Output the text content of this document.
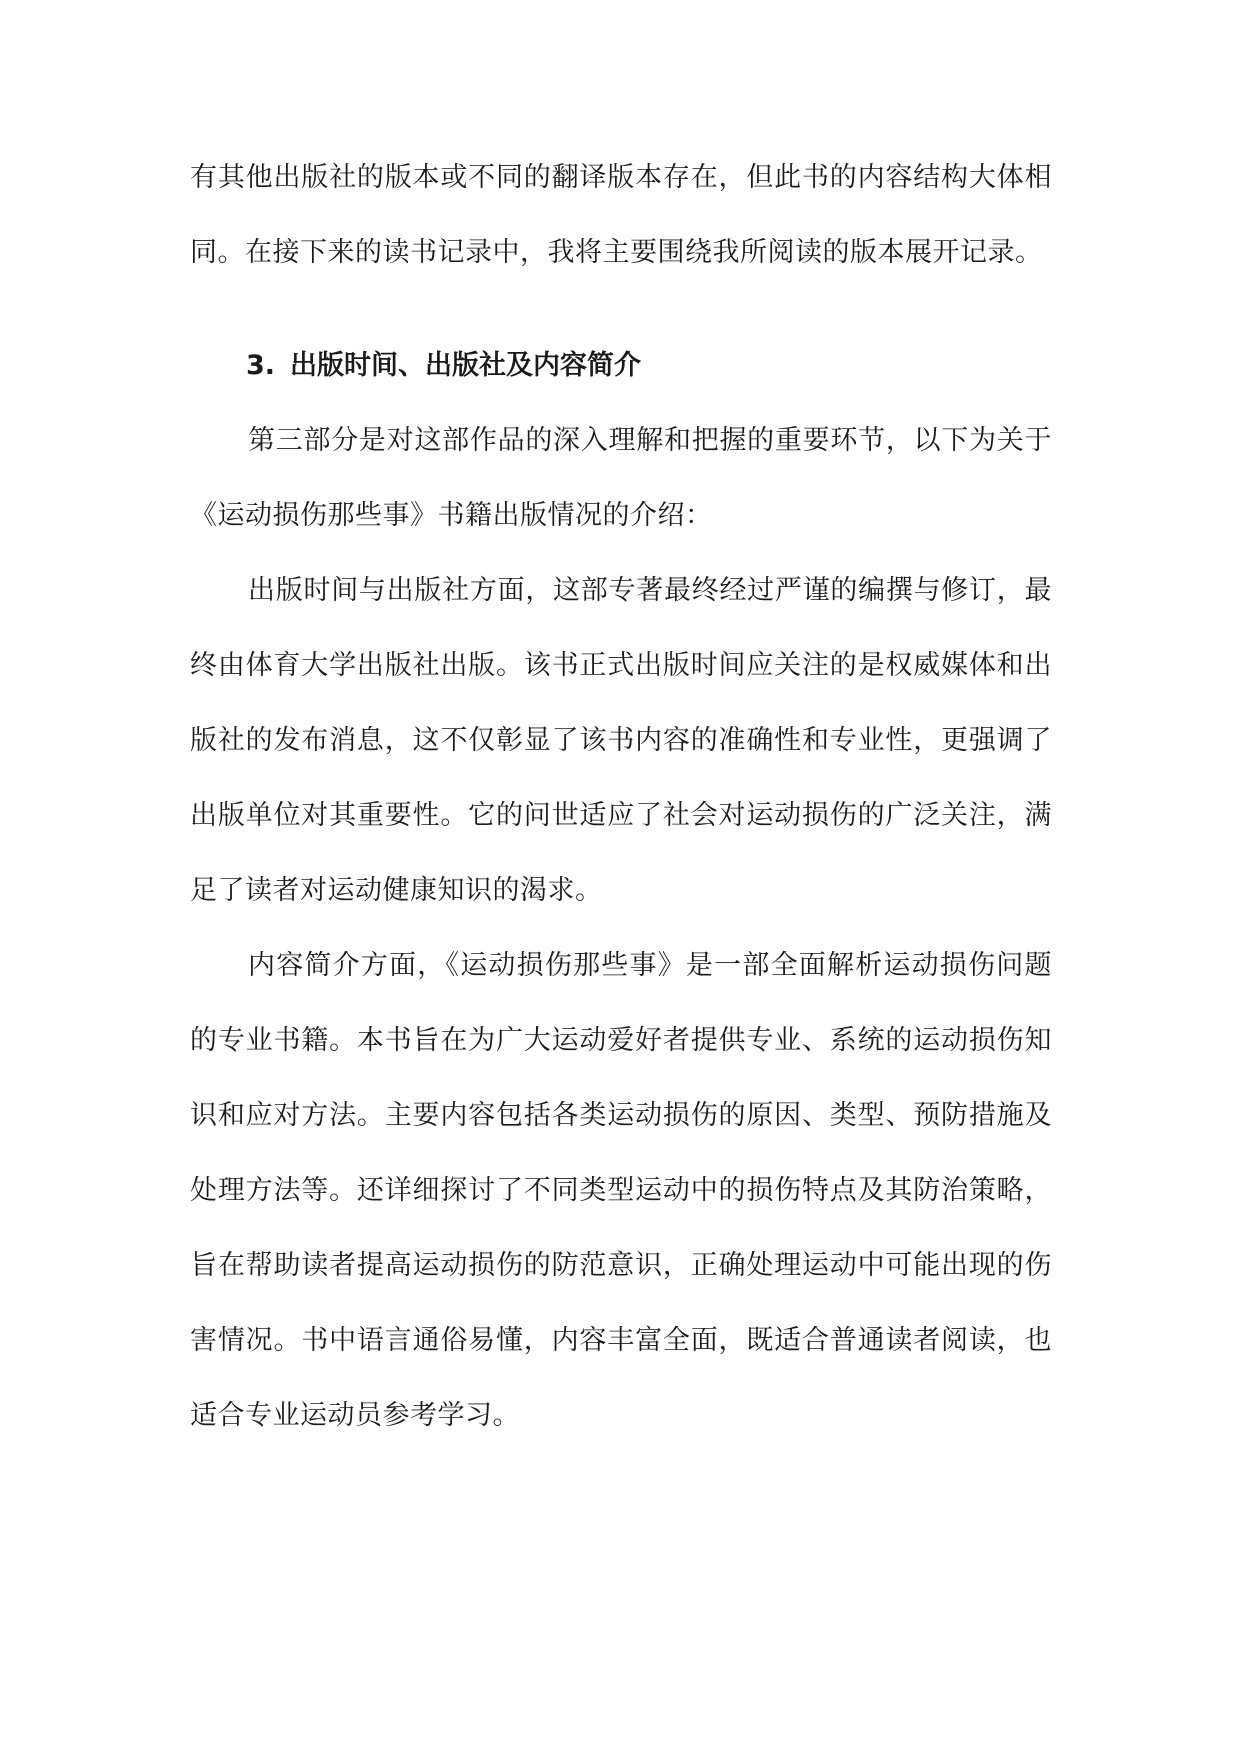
有其他出版社的版本或不同的翻译版本存在，但此书的内容结构大体相同。在接下来的读书记录中，我将主要围绕我所阅读的版本展开记录。

3. 出版时间、出版社及内容简介

第三部分是对这部作品的深入理解和把握的重要环节，以下为关于《运动损伤那些事》书籍出版情况的介绍：

出版时间与出版社方面，这部专著最终经过严谨的编撰与修订，最终由体育大学出版社出版。该书正式出版时间应关注的是权威媒体和出版社的发布消息，这不仅彰显了该书内容的准确性和专业性，更强调了出版单位对其重要性。它的问世适应了社会对运动损伤的广泛关注，满足了读者对运动健康知识的渴求。

内容简介方面，《运动损伤那些事》是一部全面解析运动损伤问题的专业书籍。本书旨在为广大运动爱好者提供专业、系统的运动损伤知识和应对方法。主要内容包括各类运动损伤的原因、类型、预防措施及处理方法等。还详细探讨了不同类型运动中的损伤特点及其防治策略，旨在帮助读者提高运动损伤的防范意识，正确处理运动中可能出现的伤害情况。书中语言通俗易懂，内容丰富全面，既适合普通读者阅读，也适合专业运动员参考学习。
